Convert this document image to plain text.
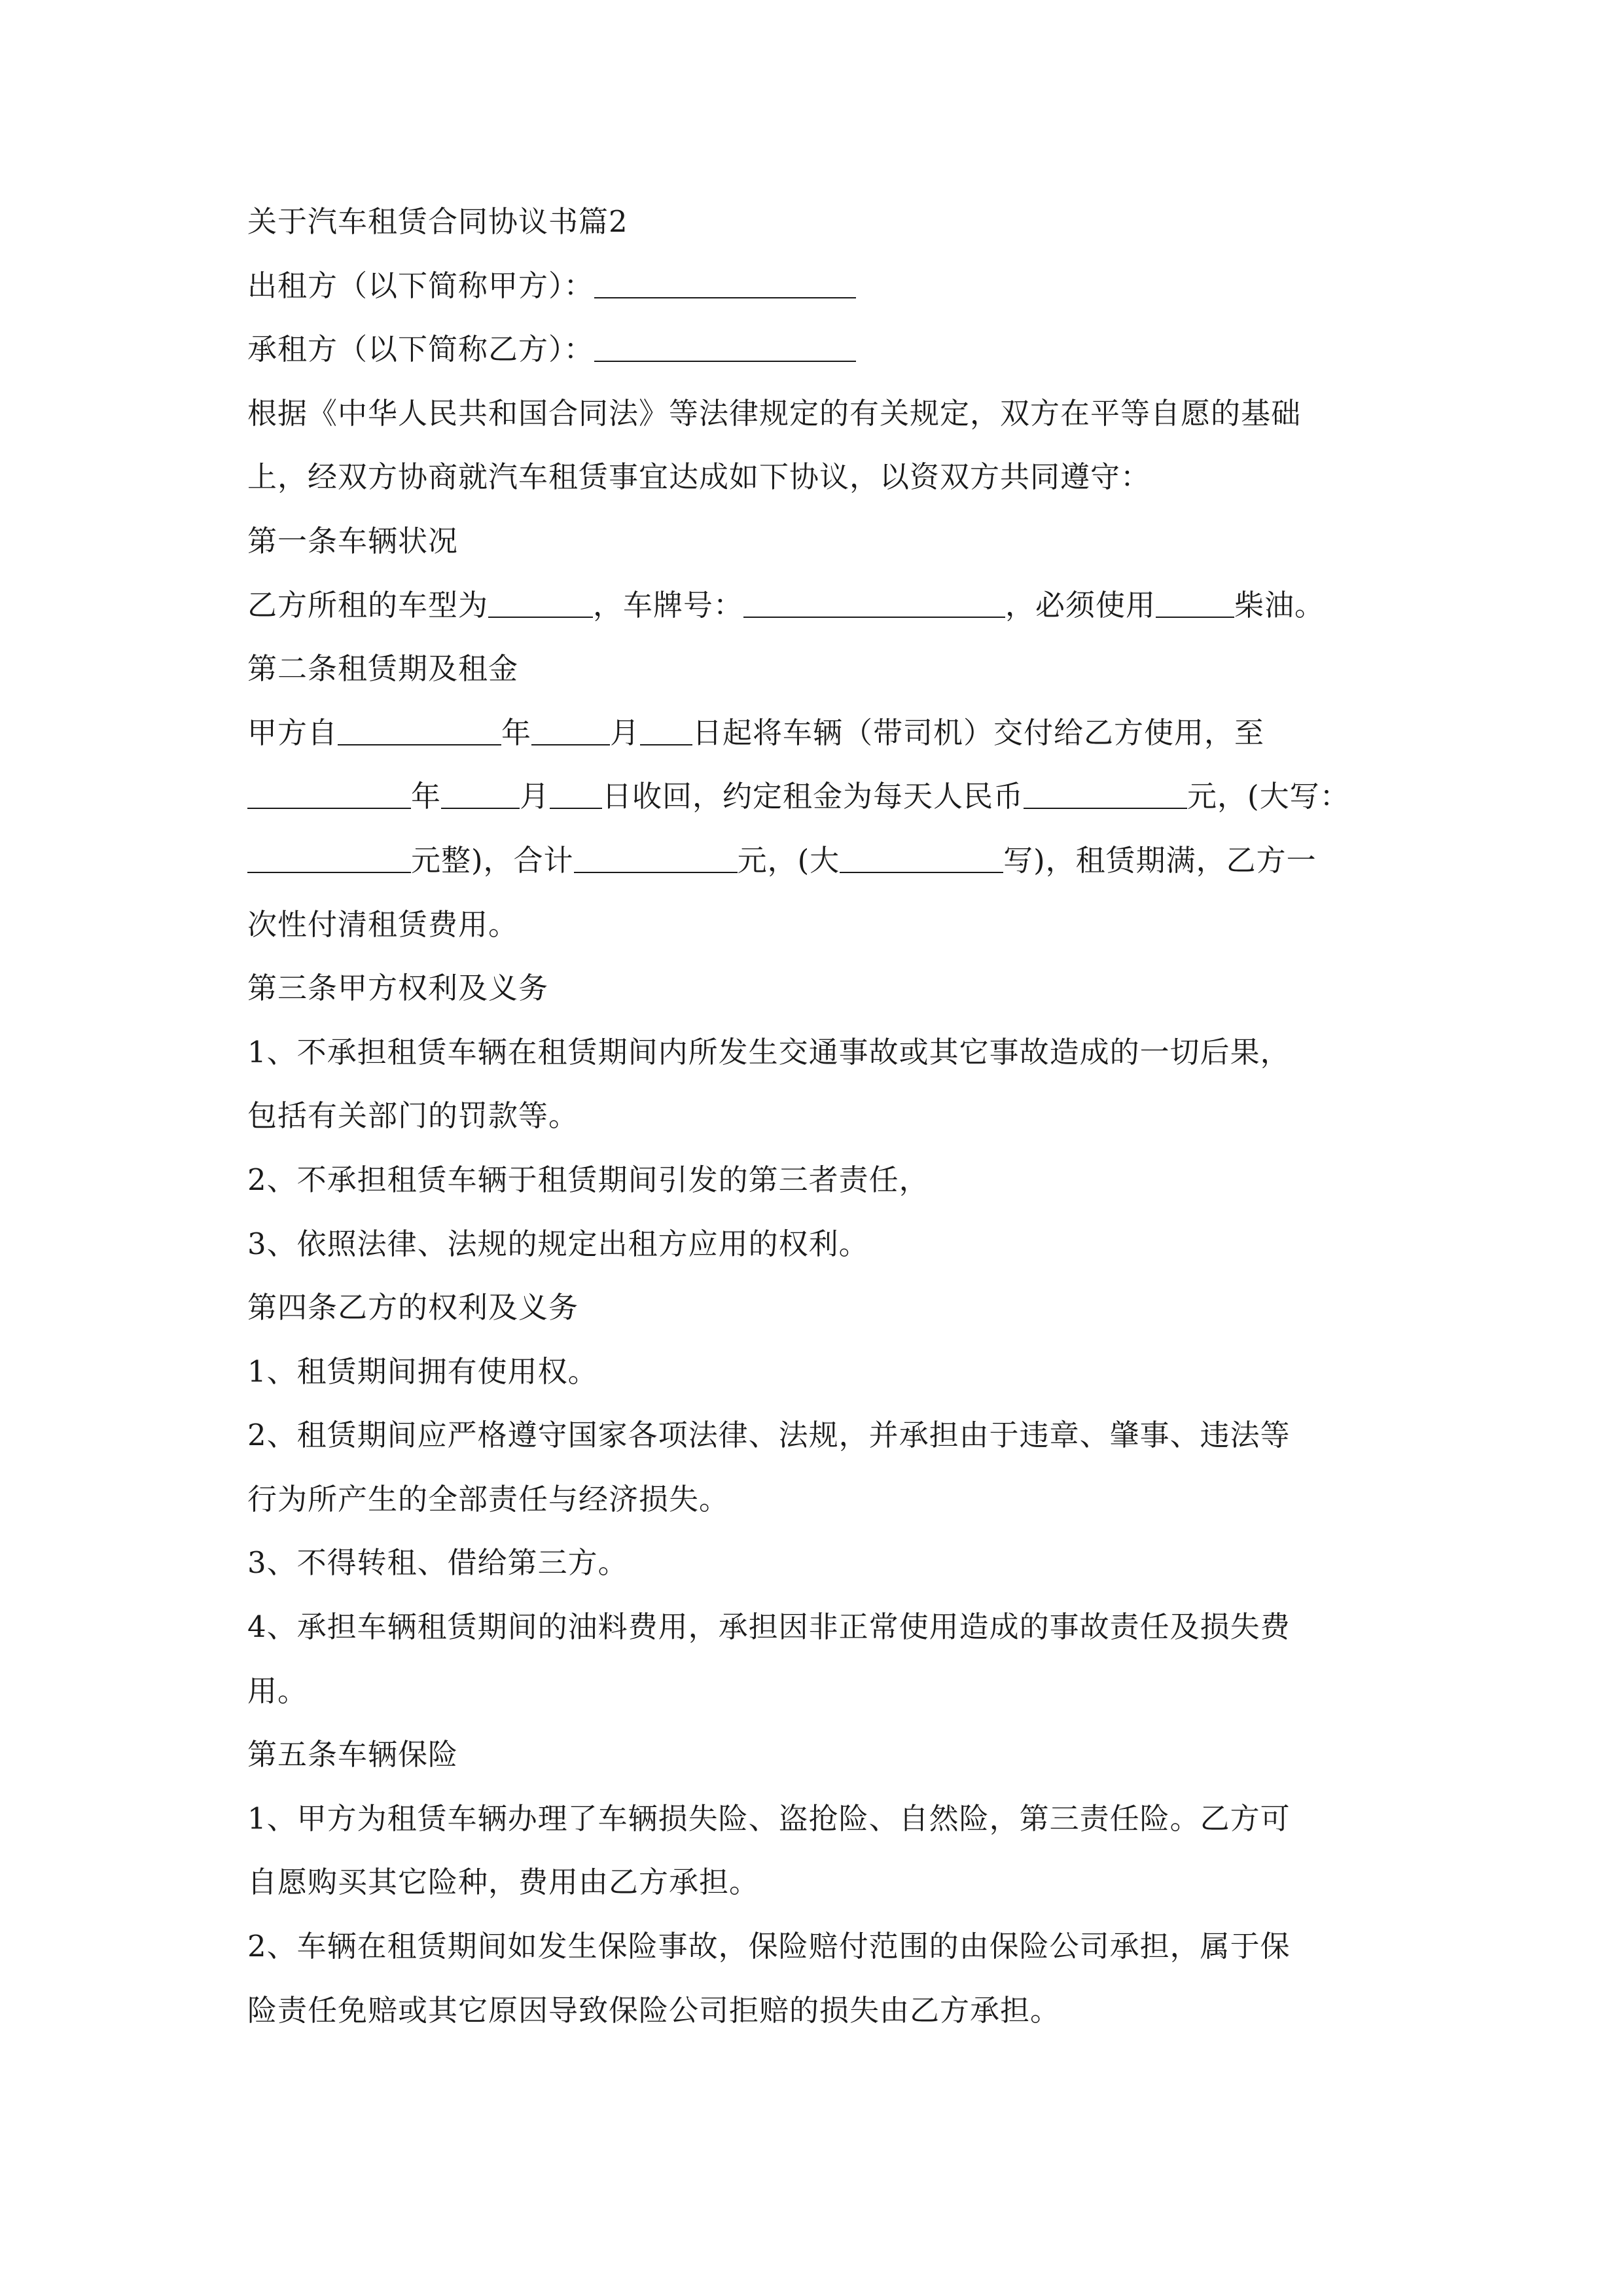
关于汽车租赁合同协议书篇2
出租方（以下简称甲方）：
承租方（以下简称乙方）：
根据《中华人民共和国合同法》等法律规定的有关规定，双方在平等自愿的基础
上，经双方协商就汽车租赁事宜达成如下协议，以资双方共同遵守：
第一条车辆状况
乙方所租的车型为	，车牌号：	，必须使用	柴油。
第二条租赁期及租金
甲方自	年	月 日起将车辆（带司机）交付给乙方使用，至
年	月 日收回，约定租金为每天人民币	元，(大写：
元整)，合计	元，(大	写)，租赁期满，乙方一
次性付清租赁费用。
第三条甲方权利及义务
1、不承担租赁车辆在租赁期间内所发生交通事故或其它事故造成的一切后果，
包括有关部门的罚款等。
2、不承担租赁车辆于租赁期间引发的第三者责任，
3、依照法律、法规的规定出租方应用的权利。
第四条乙方的权利及义务
1、租赁期间拥有使用权。
2、租赁期间应严格遵守国家各项法律、法规，并承担由于违章、肇事、违法等
行为所产生的全部责任与经济损失。
3、不得转租、借给第三方。
4、承担车辆租赁期间的油料费用，承担因非正常使用造成的事故责任及损失费
用。
第五条车辆保险
1、甲方为租赁车辆办理了车辆损失险、盗抢险、自然险，第三责任险。乙方可
自愿购买其它险种，费用由乙方承担。
2、车辆在租赁期间如发生保险事故，保险赔付范围的由保险公司承担，属于保
险责任免赔或其它原因导致保险公司拒赔的损失由乙方承担。
